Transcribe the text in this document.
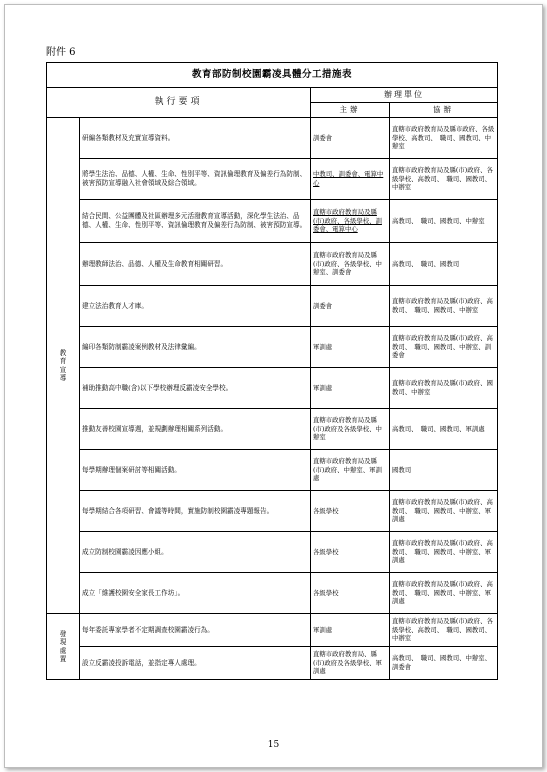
附件 6
教育部防制校園霸凌具體分工措施表			
執行要項		辦理單位	
		主辦	協辦

教育宣導	研編各類教材及充實宣導資料。	訓委會	直轄市政府教育局及縣市政府、各級學校、高教司、　職司、國教司、中辦室
	將學生法治、品德、人權、生命、性別平等、資訊倫理教育及偏差行為防制、被害預防宣導融入社會領域及綜合領域。	中教司、訓委會、電算中心	直轄市政府教育局及縣(市)政府、各級學校、高教司、　職司、國教司、中辦室
	結合民間、公益團體及社區辦理多元活潑教育宣導活動，深化學生法治、品德、人權、生命、性別平等、資訊倫理教育及偏差行為防制、被害預防宣導。	直轄市政府教育局及縣(市)政府、各級學校、訓委會、電算中心	高教司、　職司、國教司、中辦室
	辦理教師法治、品德、人權及生命教育相關研習。	直轄市政府教育局及縣(市)政府、各級學校、中辦室、訓委會	高教司、　職司、國教司
	建立法治教育人才庫。	訓委會	直轄市政府教育局及縣(市)政府、高教司、　職司、國教司、中辦室
	編印各類防制霸凌案例教材及法律彙編。	軍訓處	直轄市政府教育局及縣(市)政府、高教司、　職司、國教司、中辦室、訓委會
	補助推動高中職(含)以下學校辦理反霸凌安全學校。	軍訓處	直轄市政府教育局及縣(市)政府、國教司、中辦室
	推動友善校園宣導週，並規劃辦理相關系列活動。	直轄市政府教育局及縣(市)政府及各級學校、中辦室	高教司、　職司、國教司、軍訓處
	每學期辦理個案研討等相關活動。	直轄市政府教育局及縣(市)政府、中辦室、軍訓處	國教司
	每學期結合各項研習、會議等時間，實施防制校園霸凌專題報告。	各級學校	直轄市政府教育局及縣(市)政府、高教司、　職司、國教司、中辦室、軍訓處
	成立防制校園霸凌因應小組。	各級學校	直轄市政府教育局及縣(市)政府、高教司、　職司、國教司、中辦室、軍訓處
	成立「維護校園安全家長工作坊」。	各級學校	直轄市政府教育局及縣(市)政府、高教司、　職司、國教司、中辦室、軍訓處

發現處置	每年委託專家學者不定期調查校園霸凌行為。	軍訓處	直轄市政府教育局及縣(市)政府、各級學校、高教司、　職司、國教司、中辦室
	設立反霸凌投訴電話，並指定專人處理。	直轄市政府教育局、縣(市)政府及各級學校、軍訓處	高教司、　職司、國教司、中辦室、訓委會
15
